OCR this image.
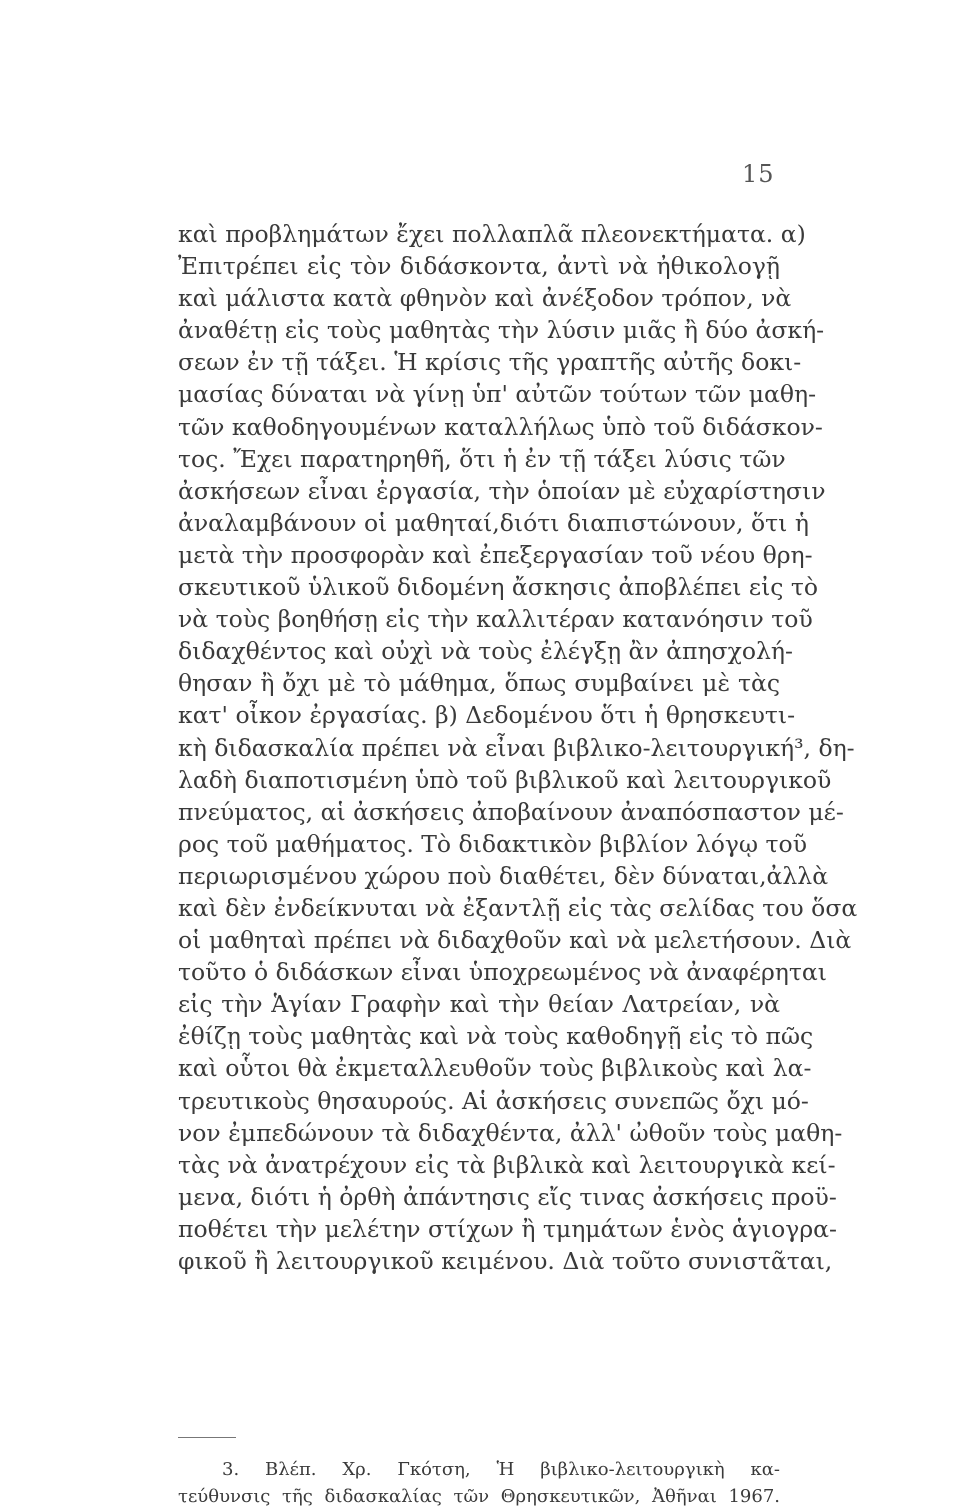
15
καὶ προβλημάτων ἔχει πολλαπλᾶ πλεονεκτήματα. α)
Ἐπιτρέπει εἰς τὸν διδάσκοντα, ἀντὶ νὰ ἠθικολογῇ
καὶ μάλιστα κατὰ φθηνὸν καὶ ἀνέξοδον τρόπον, νὰ
ἀναθέτῃ εἰς τοὺς μαθητὰς τὴν λύσιν μιᾶς ἢ δύο ἀσκή-
σεων ἐν τῇ τάξει. Ἡ κρίσις τῆς γραπτῆς αὐτῆς δοκι-
μασίας δύναται νὰ γίνῃ ὑπ' αὐτῶν τούτων τῶν μαθη-
τῶν καθοδηγουμένων καταλλήλως ὑπὸ τοῦ διδάσκον-
τος. Ἔχει παρατηρηθῆ, ὅτι ἡ ἐν τῇ τάξει λύσις τῶν
ἀσκήσεων εἶναι ἐργασία, τὴν ὁποίαν μὲ εὐχαρίστησιν
ἀναλαμβάνουν οἱ μαθηταί,διότι διαπιστώνουν, ὅτι ἡ
μετὰ τὴν προσφορὰν καὶ ἐπεξεργασίαν τοῦ νέου θρη-
σκευτικοῦ ὑλικοῦ διδομένη ἄσκησις ἀποβλέπει εἰς τὸ
νὰ τοὺς βοηθήσῃ εἰς τὴν καλλιτέραν κατανόησιν τοῦ
διδαχθέντος καὶ οὐχὶ νὰ τοὺς ἐλέγξῃ ἂν ἀπησχολή-
θησαν ἢ ὄχι μὲ τὸ μάθημα, ὅπως συμβαίνει μὲ τὰς
κατ' οἶκον ἐργασίας. β) Δεδομένου ὅτι ἡ θρησκευτι-
κὴ διδασκαλία πρέπει νὰ εἶναι βιβλικο-λειτουργική³, δη-
λαδὴ διαποτισμένη ὑπὸ τοῦ βιβλικοῦ καὶ λειτουργικοῦ
πνεύματος, αἱ ἀσκήσεις ἀποβαίνουν ἀναπόσπαστον μέ-
ρος τοῦ μαθήματος. Τὸ διδακτικὸν βιβλίον λόγῳ τοῦ
περιωρισμένου χώρου ποὺ διαθέτει, δὲν δύναται,ἀλλὰ
καὶ δὲν ἐνδείκνυται νὰ ἐξαντλῇ εἰς τὰς σελίδας του ὅσα
οἱ μαθηταὶ πρέπει νὰ διδαχθοῦν καὶ νὰ μελετήσουν. Διὰ
τοῦτο ὁ διδάσκων εἶναι ὑποχρεωμένος νὰ ἀναφέρηται
εἰς τὴν Ἁγίαν Γραφὴν καὶ τὴν θείαν Λατρείαν, νὰ
ἐθίζῃ τοὺς μαθητὰς καὶ νὰ τοὺς καθοδηγῇ εἰς τὸ πῶς
καὶ οὗτοι θὰ ἐκμεταλλευθοῦν τοὺς βιβλικοὺς καὶ λα-
τρευτικοὺς θησαυρούς. Αἱ ἀσκήσεις συνεπῶς ὄχι μό-
νον ἐμπεδώνουν τὰ διδαχθέντα, ἀλλ' ὠθοῦν τοὺς μαθη-
τὰς νὰ ἀνατρέχουν εἰς τὰ βιβλικὰ καὶ λειτουργικὰ κεί-
μενα, διότι ἡ ὀρθὴ ἀπάντησις εἴς τινας ἀσκήσεις προϋ-
ποθέτει τὴν μελέτην στίχων ἢ τμημάτων ἑνὸς ἁγιογρα-
φικοῦ ἢ λειτουργικοῦ κειμένου. Διὰ τοῦτο συνιστᾶται,
3. Βλέπ. Χρ. Γκότση, Ἡ βιβλικο-λειτουργικὴ κα-
τεύθυνσις τῆς διδασκαλίας τῶν Θρησκευτικῶν, Ἀθῆναι 1967.
